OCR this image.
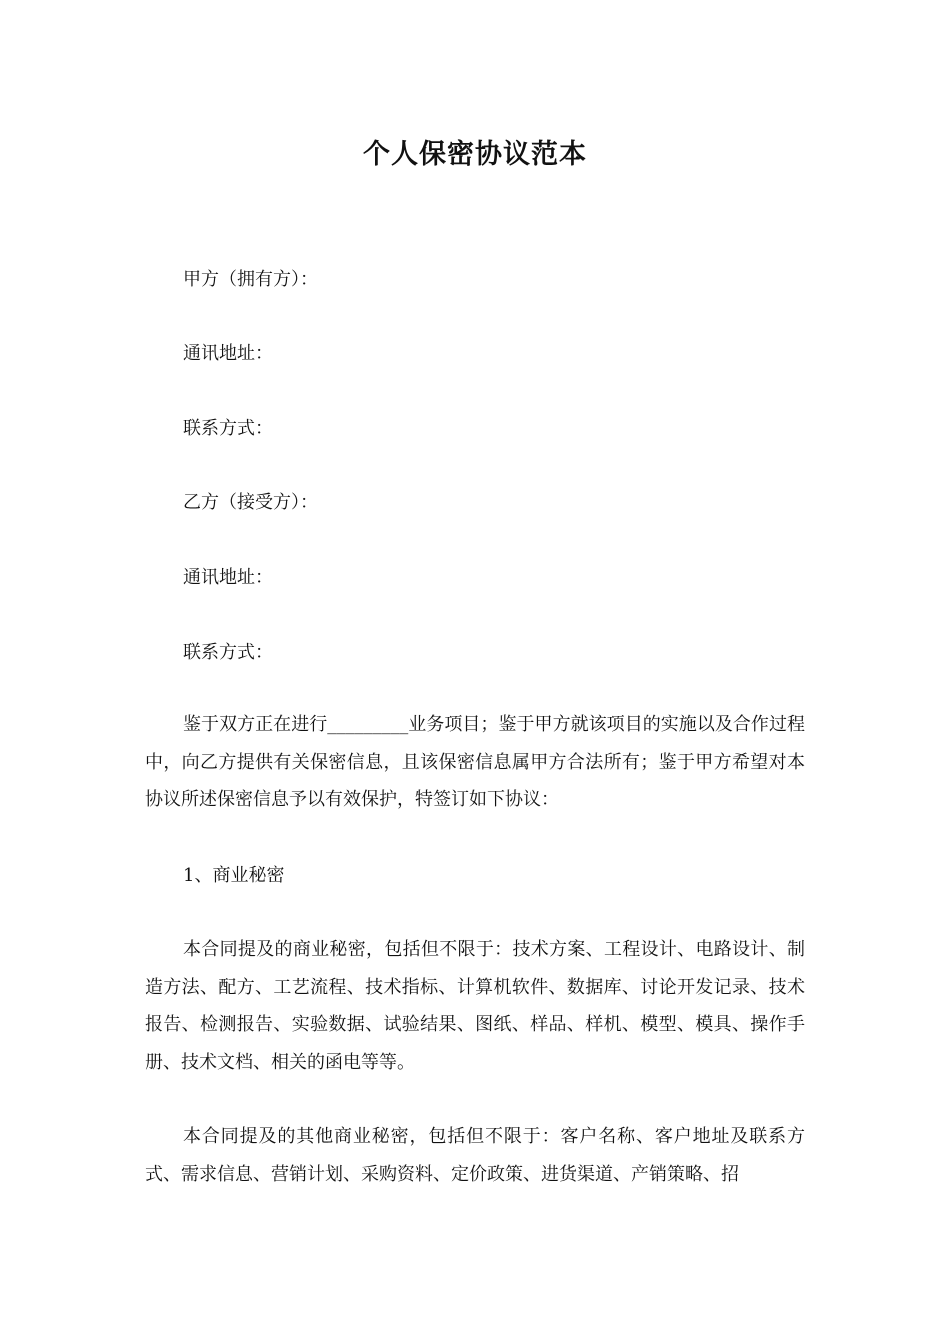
个人保密协议范本
甲方（拥有方）：
通讯地址：
联系方式：
乙方（接受方）：
通讯地址：
联系方式：

鉴于双方正在进行_________业务项目；鉴于甲方就该项目的实施以及合作过程中，向乙方提供有关保密信息，且该保密信息属甲方合法所有；鉴于甲方希望对本协议所述保密信息予以有效保护，特签订如下协议：

1、商业秘密

本合同提及的商业秘密，包括但不限于：技术方案、工程设计、电路设计、制造方法、配方、工艺流程、技术指标、计算机软件、数据库、讨论开发记录、技术报告、检测报告、实验数据、试验结果、图纸、样品、样机、模型、模具、操作手册、技术文档、相关的函电等等。

本合同提及的其他商业秘密，包括但不限于：客户名称、客户地址及联系方式、需求信息、营销计划、采购资料、定价政策、进货渠道、产销策略、招
